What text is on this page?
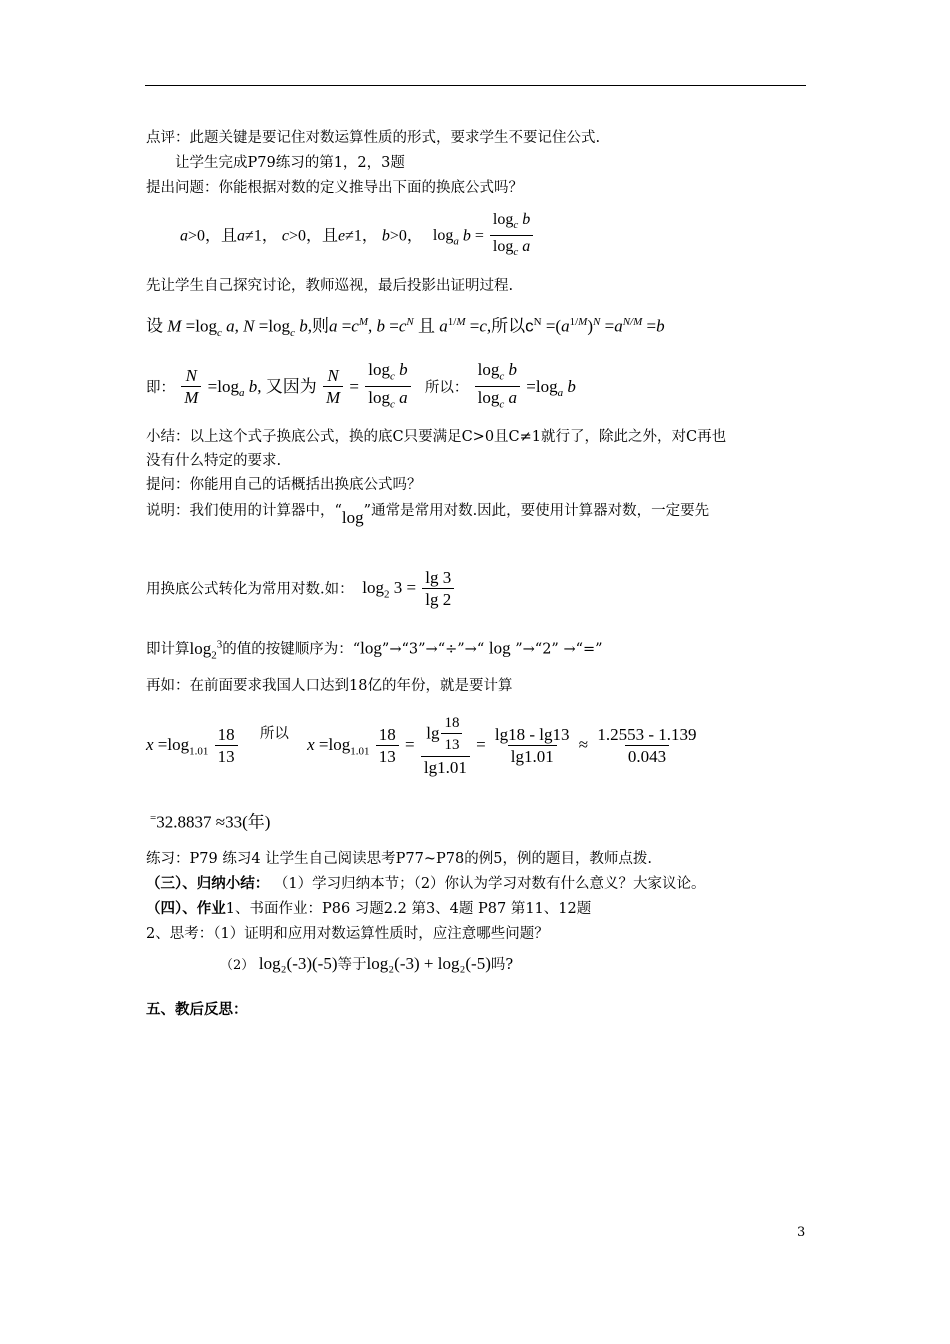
点评：此题关键是要记住对数运算性质的形式，要求学生不要记住公式.
让学生完成P79练习的第1，2，3题
提出问题：你能根据对数的定义推导出下面的换底公式吗？
a>0，且a≠1， c>0，且e≠1， b>0， $\log_a b = \frac{\log_c b}{\log_c a}$
先让学生自己探究讨论，教师巡视，最后投影出证明过程.
设 $M =\log_c$ a, $N =\log_c$ b,则$a =c^M$, $b =c^N$ 且 $a^{1/M} =c$,所以$c^N =(a^{1/M})^N =a^{N/M} =b$
即： $\frac{N}{M} =\log_a$ b, 又因为 $\frac{N}{M} = \frac{\log_c b}{\log_c a}$ 所以： $\frac{\log_c b}{\log_c a} =\log_a$ b
小结：以上这个式子换底公式，换的底C只要满足C>0且C≠1就行了，除此之外，对C再也
没有什么特定的要求.
提问：你能用自己的话概括出换底公式吗？
说明：我们使用的计算器中，“log”通常是常用对数.因此，要使用计算器对数，一定要先
用换底公式转化为常用对数.如： $\log_2 3 = \frac{\lg 3}{\lg 2}$
即计算$\log_2^3$的值的按键顺序为：“log”→“3”→“÷”→“ log ”→“2” →“=”
再如：在前面要求我国人口达到18亿的年份，就是要计算
$x =\log_{1.01} \frac{18}{13}$ 所以 $x =\log_{1.01} \frac{18}{13} = \frac{\lg \frac{18}{13}}{\lg 1.01} = \frac{\lg 18 - \lg 13}{\lg 1.01} \approx \frac{1.2553 - 1.139}{0.043}$
=32.8837 ≈33(年)
练习：P79 练习4 让学生自己阅读思考P77~P78的例5，例的题目，教师点拨.
（三）、归纳小结： （1）学习归纳本节；（2）你认为学习对数有什么意义？大家议论。
（四）、作业1、书面作业：P86 习题2.2 第3、4题 P87 第11、12题
2、思考：（1）证明和应用对数运算性质时，应注意哪些问题？
（2） log₂(-3)(-5)等于log₂(-3) + log₂(-5)吗?
五、教后反思：
3
